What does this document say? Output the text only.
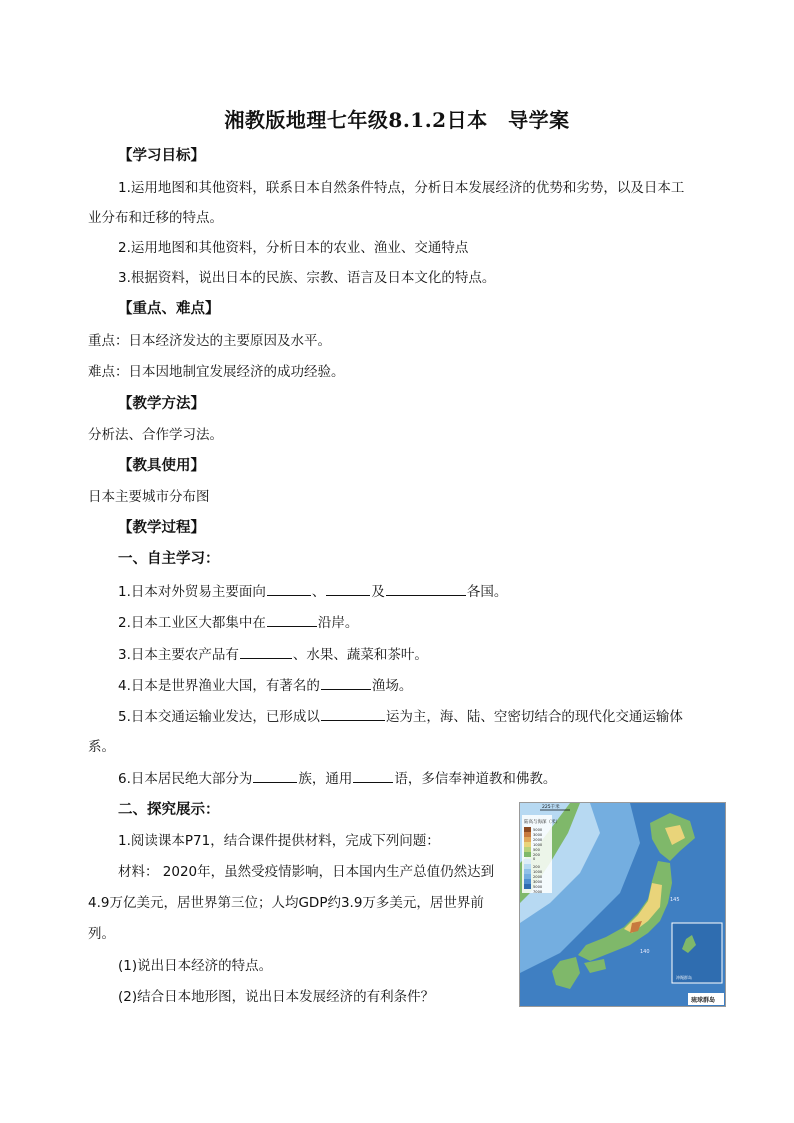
湘教版地理七年级8.1.2日本　导学案
【学习目标】
1.运用地图和其他资料，联系日本自然条件特点，分析日本发展经济的优势和劣势，以及日本工
业分布和迁移的特点。
2.运用地图和其他资料，分析日本的农业、渔业、交通特点
3.根据资料，说出日本的民族、宗教、语言及日本文化的特点。
【重点、难点】
重点：日本经济发达的主要原因及水平。
难点：日本因地制宜发展经济的成功经验。
【教学方法】
分析法、合作学习法。
【教具使用】
日本主要城市分布图
【教学过程】
一、自主学习：
1.日本对外贸易主要面向	、	及	各国。
2.日本工业区大都集中在	沿岸。
3.日本主要农产品有	、水果、蔬菜和茶叶。
4.日本是世界渔业大国，有著名的	渔场。
5.日本交通运输业发达，已形成以	运为主，海、陆、空密切结合的现代化交通运输体
系。
6.日本居民绝大部分为	族，通用	语，多信奉神道教和佛教。
二、探究展示：
1.阅读课本P71，结合课件提供材料，完成下列问题：
材料： 2020年，虽然受疫情影响，日本国内生产总值仍然达到
4.9万亿美元，居世界第三位；人均GDP约3.9万多美元，居世界前
列。
(1)说出日本经济的特点。
(2)结合日本地形图，说出日本发展经济的有利条件？
陆高与海深（米）
5000
3000
2000
1000
500
200
0
200
1000
2000
3000
5000
7000
225千米
145
140
冲绳群岛
琉球群岛
